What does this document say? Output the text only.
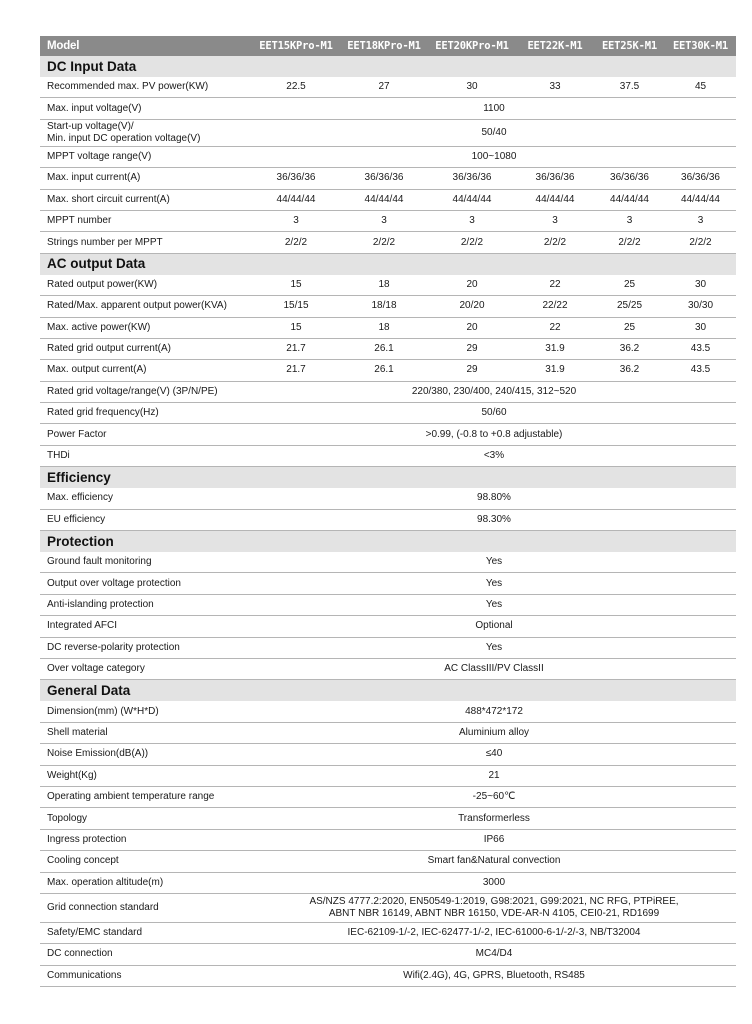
Model	EET15KPro-M1	EET18KPro-M1	EET20KPro-M1	EET22K-M1	EET25K-M1	EET30K-M1
DC Input Data						
Recommended max. PV power(KW)	22.5	27	30	33	37.5	45
Max. input voltage(V)	1100					
Start-up voltage(V)/
Min. input DC operation voltage(V)	50/40					
MPPT voltage range(V)	100~1080					
Max. input current(A)	36/36/36	36/36/36	36/36/36	36/36/36	36/36/36	36/36/36
Max. short circuit current(A)	44/44/44	44/44/44	44/44/44	44/44/44	44/44/44	44/44/44
MPPT number	3	3	3	3	3	3
Strings number per MPPT	2/2/2	2/2/2	2/2/2	2/2/2	2/2/2	2/2/2
AC output Data						
Rated output power(KW)	15	18	20	22	25	30
Rated/Max. apparent output power(KVA)	15/15	18/18	20/20	22/22	25/25	30/30
Max. active power(KW)	15	18	20	22	25	30
Rated grid output current(A)	21.7	26.1	29	31.9	36.2	43.5
Max. output current(A)	21.7	26.1	29	31.9	36.2	43.5
Rated grid voltage/range(V) (3P/N/PE)	220/380, 230/400, 240/415, 312~520					
Rated grid frequency(Hz)	50/60					
Power Factor	>0.99, (-0.8 to +0.8 adjustable)					
THDi	<3%					
Efficiency						
Max. efficiency	98.80%					
EU efficiency	98.30%					
Protection						
Ground fault monitoring	Yes					
Output over voltage protection	Yes					
Anti-islanding protection	Yes					
Integrated AFCI	Optional					
DC reverse-polarity protection	Yes					
Over voltage category	AC ClassIII/PV ClassII					
General Data						
Dimension(mm) (W*H*D)	488*472*172					
Shell material	Aluminium alloy					
Noise Emission(dB(A))	≤40					
Weight(Kg)	21					
Operating ambient temperature range	-25~60℃					
Topology	Transformerless					
Ingress protection	IP66					
Cooling concept	Smart fan&Natural convection					
Max. operation altitude(m)	3000					
Grid connection standard	AS/NZS 4777.2:2020, EN50549-1:2019, G98:2021, G99:2021, NC RFG, PTPiREE,
ABNT NBR 16149, ABNT NBR 16150, VDE-AR-N 4105, CEI0-21, RD1699					
Safety/EMC standard	IEC-62109-1/-2, IEC-62477-1/-2, IEC-61000-6-1/-2/-3, NB/T32004					
DC connection	MC4/D4					
Communications	Wifi(2.4G), 4G, GPRS, Bluetooth, RS485					
